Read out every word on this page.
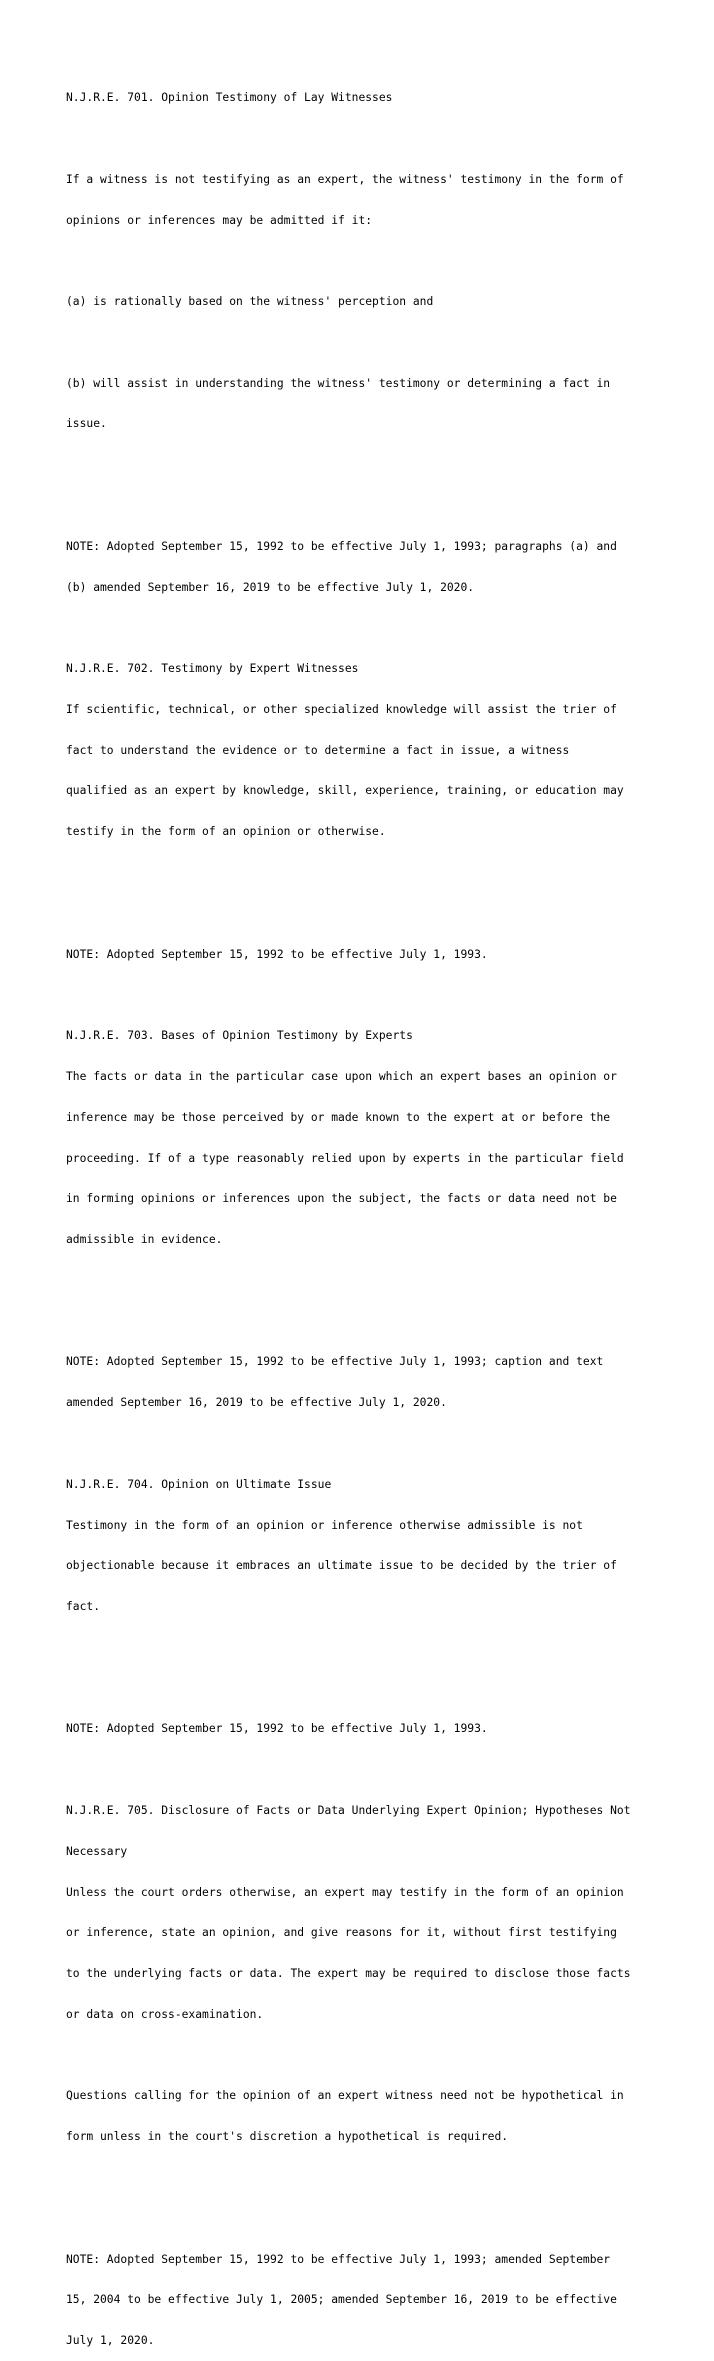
N.J.R.E. 701. Opinion Testimony of Lay Witnesses

If a witness is not testifying as an expert, the witness' testimony in the form of

opinions or inferences may be admitted if it:

(a) is rationally based on the witness' perception and

(b) will assist in understanding the witness' testimony or determining a fact in

issue.

NOTE: Adopted September 15, 1992 to be effective July 1, 1993; paragraphs (a) and

(b) amended September 16, 2019 to be effective July 1, 2020.

N.J.R.E. 702. Testimony by Expert Witnesses

If scientific, technical, or other specialized knowledge will assist the trier of

fact to understand the evidence or to determine a fact in issue, a witness

qualified as an expert by knowledge, skill, experience, training, or education may

testify in the form of an opinion or otherwise.

NOTE: Adopted September 15, 1992 to be effective July 1, 1993.

N.J.R.E. 703. Bases of Opinion Testimony by Experts

The facts or data in the particular case upon which an expert bases an opinion or

inference may be those perceived by or made known to the expert at or before the

proceeding. If of a type reasonably relied upon by experts in the particular field

in forming opinions or inferences upon the subject, the facts or data need not be

admissible in evidence.

NOTE: Adopted September 15, 1992 to be effective July 1, 1993; caption and text

amended September 16, 2019 to be effective July 1, 2020.

N.J.R.E. 704. Opinion on Ultimate Issue

Testimony in the form of an opinion or inference otherwise admissible is not

objectionable because it embraces an ultimate issue to be decided by the trier of

fact.

NOTE: Adopted September 15, 1992 to be effective July 1, 1993.

N.J.R.E. 705. Disclosure of Facts or Data Underlying Expert Opinion; Hypotheses Not

Necessary

Unless the court orders otherwise, an expert may testify in the form of an opinion

or inference, state an opinion, and give reasons for it, without first testifying

to the underlying facts or data. The expert may be required to disclose those facts

or data on cross-examination.

Questions calling for the opinion of an expert witness need not be hypothetical in

form unless in the court's discretion a hypothetical is required.

NOTE: Adopted September 15, 1992 to be effective July 1, 1993; amended September

15, 2004 to be effective July 1, 2005; amended September 16, 2019 to be effective

July 1, 2020.
